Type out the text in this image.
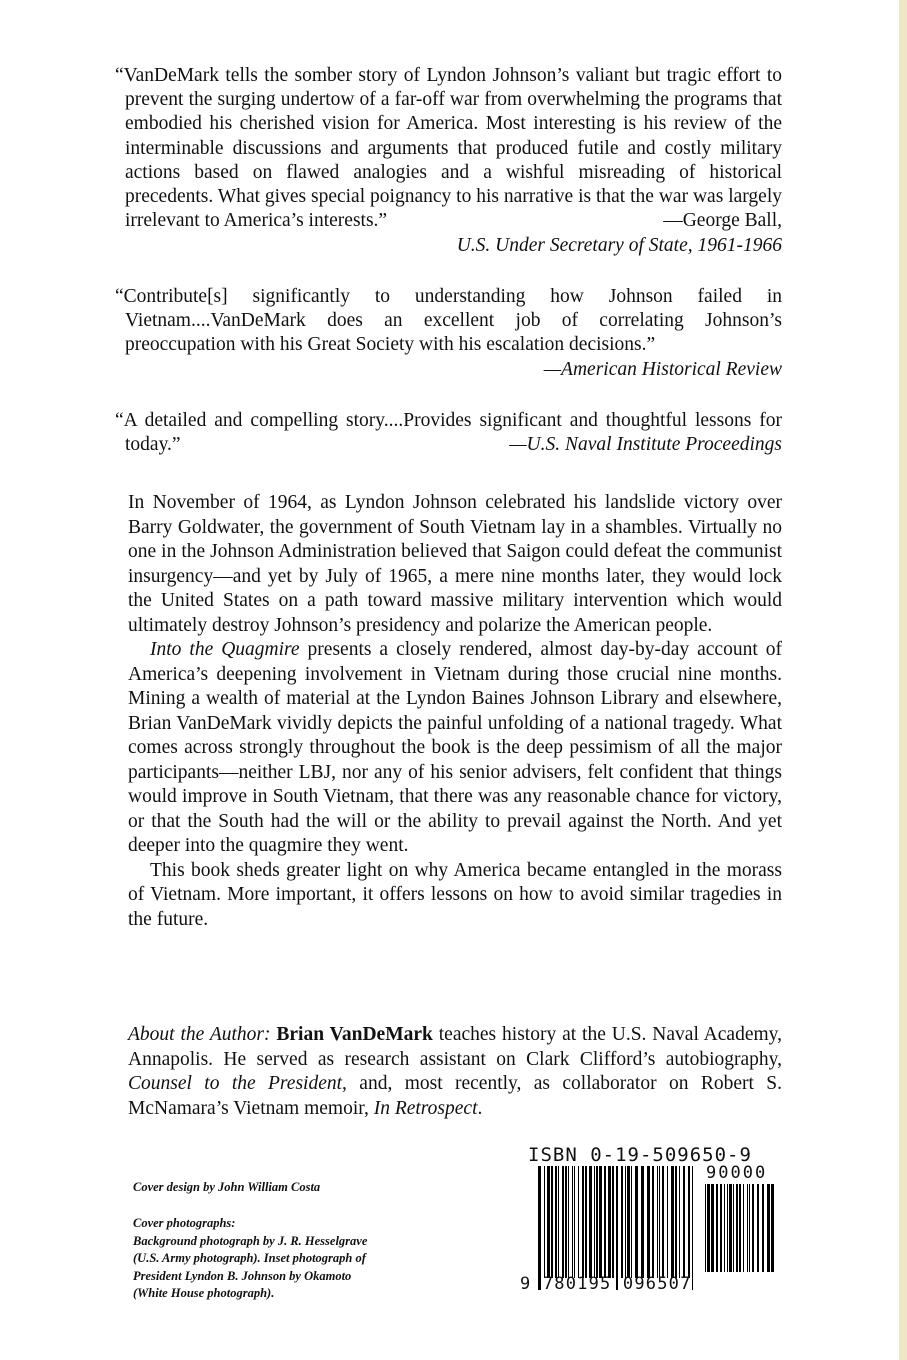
“VanDeMark tells the somber story of Lyndon Johnson’s valiant but tragic effort to prevent the surging undertow of a far-off war from overwhelming the programs that embodied his cherished vision for America. Most interesting is his review of the interminable discussions and arguments that produced futile and costly military actions based on flawed analogies and a wishful misreading of historical precedents. What gives special poignancy to his narrative is that the war was largely irrelevant to America’s interests.”	—George Ball,
U.S. Under Secretary of State, 1961-1966
“Contribute[s] significantly to understanding how Johnson failed in Vietnam....VanDeMark does an excellent job of correlating Johnson’s preoccupation with his Great Society with his escalation decisions.”
—American Historical Review
“A detailed and compelling story....Provides significant and thoughtful lessons for today.”	—U.S. Naval Institute Proceedings

In November of 1964, as Lyndon Johnson celebrated his landslide victory over Barry Goldwater, the government of South Vietnam lay in a shambles. Virtually no one in the Johnson Administration believed that Saigon could defeat the communist insurgency—and yet by July of 1965, a mere nine months later, they would lock the United States on a path toward massive military intervention which would ultimately destroy Johnson’s presidency and polarize the American people.

Into the Quagmire presents a closely rendered, almost day-by-day account of America’s deepening involvement in Vietnam during those crucial nine months. Mining a wealth of material at the Lyndon Baines Johnson Library and elsewhere, Brian VanDeMark vividly depicts the painful unfolding of a national tragedy. What comes across strongly throughout the book is the deep pessimism of all the major participants—neither LBJ, nor any of his senior advisers, felt confident that things would improve in South Vietnam, that there was any reasonable chance for victory, or that the South had the will or the ability to prevail against the North. And yet deeper into the quagmire they went.

This book sheds greater light on why America became entangled in the morass of Vietnam. More important, it offers lessons on how to avoid similar tragedies in the future.

About the Author: Brian VanDeMark teaches history at the U.S. Naval Academy, Annapolis. He served as research assistant on Clark Clifford’s autobiography, Counsel to the President, and, most recently, as collaborator on Robert S. McNamara’s Vietnam memoir, In Retrospect.

Cover design by John William Costa
Cover photographs:
Background photograph by J. R. Hesselgrave
(U.S. Army photograph). Inset photograph of
President Lyndon B. Johnson by Okamoto
(White House photograph).
ISBN 0-19-509650-9
90000
9 780195 096507
